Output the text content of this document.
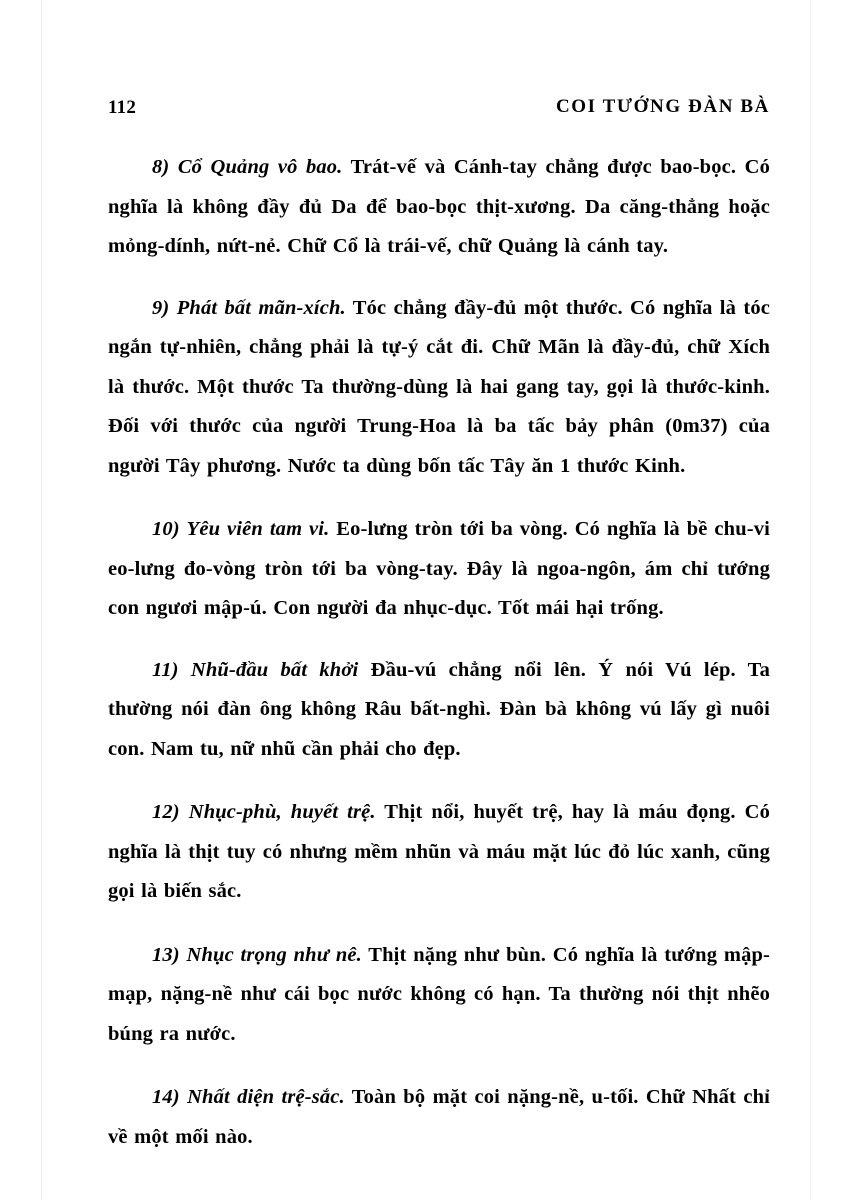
112	COI TƯỚNG ĐÀN BÀ

8) Cổ Quảng vô bao. Trát-vế và Cánh-tay chẳng được bao-bọc. Có nghĩa là không đầy đủ Da để bao-bọc thịt-xương. Da căng-thẳng hoặc mỏng-dính, nứt-nẻ. Chữ Cổ là trái-vế, chữ Quảng là cánh tay.

9) Phát bất mãn-xích. Tóc chẳng đầy-đủ một thước. Có nghĩa là tóc ngắn tự-nhiên, chẳng phải là tự-ý cắt đi. Chữ Mãn là đầy-đủ, chữ Xích là thước. Một thước Ta thường-dùng là hai gang tay, gọi là thước-kinh. Đối với thước của người Trung-Hoa là ba tấc bảy phân (0m37) của người Tây phương. Nước ta dùng bốn tấc Tây ăn 1 thước Kinh.

10) Yêu viên tam vi. Eo-lưng tròn tới ba vòng. Có nghĩa là bề chu-vi eo-lưng đo-vòng tròn tới ba vòng-tay. Đây là ngoa-ngôn, ám chỉ tướng con ngươi mập-ú. Con người đa nhục-dục. Tốt mái hại trống.

11) Nhũ-đầu bất khởi Đầu-vú chẳng nổi lên. Ý nói Vú lép. Ta thường nói đàn ông không Râu bất-nghì. Đàn bà không vú lấy gì nuôi con. Nam tu, nữ nhũ cần phải cho đẹp.

12) Nhục-phù, huyết trệ. Thịt nổi, huyết trệ, hay là máu đọng. Có nghĩa là thịt tuy có nhưng mềm nhũn và máu mặt lúc đỏ lúc xanh, cũng gọi là biến sắc.

13) Nhục trọng như nê. Thịt nặng như bùn. Có nghĩa là tướng mập-mạp, nặng-nề như cái bọc nước không có hạn. Ta thường nói thịt nhẽo búng ra nước.

14) Nhất diện trệ-sắc. Toàn bộ mặt coi nặng-nề, u-tối. Chữ Nhất chỉ về một mối nào.
